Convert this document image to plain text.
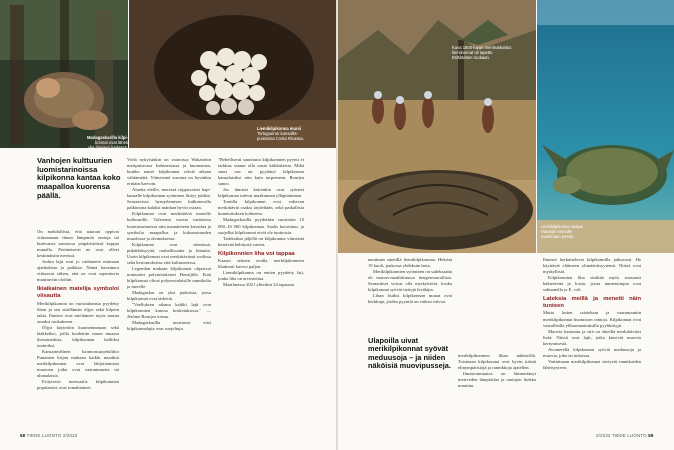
Madagaskarilla kilpi-
konnat ovat lähes
yhä ihmisen kädessä.
Liemikilpikonna munii
Tortugueron kansallis-
puistossa Costa Ricassa.
Kuva 1800-luvun merimatkoista:
liemikonnat oli tapettu
Brittiläisten ruokaan.
Liemikilpikonna saapui
Havaijin rannalle
munimaan pesän.
Vanhojen kulttuurien luomistarinoissa kilpikonna kantaa koko maapalloa kuorensa päällä.

On mahdollista, että naaraat oppivat viittaamaan ilman lämpimiä rantoja tai kutevansa samoissa ympäristöissä koppia muualla. Perinteisesti ne ovat olleet keskinäisiin merissä.

Joskin lajit ovat jo vaihtaneet muinaan ajankohtaa ja paikkaa. Nämä havainnot viittaavat siihen, että ne ovat sopeutuvia muuttuviin oloihin.

Ikiaikainen matelija symboloi viisautta

Merikilpikonnia on vuosituhansia pyydetty lihan ja sen sisällämän öljyn sekä kilpien takia. Ihmiset ovat mieltäneet myös munia omaksi ruokakseen.

Öljyä käytettiin kuumentamaan sekä lääkkeiksi, joilla hoidettiin muun muassa ihosairauksia, kilpikonnan kalliiksi tuotteiksi.

Kansainvälinen luonnonsuojeluliitto Punainen kirjan mukaan kaikki muutkin merikilpikonnat ovat lahjoittamista muotoon jotka ovat vaarantuneita tai uhanalaisia.

Erityisesti merisaalis kilpikonnien populaatiot ovat romahtaneet.

Vielä nykyisinkin on vaaroissa Wakatobin meripuistossa Indonesiassa ja huomataan, kuinka naiset kilpikonnat söivät aikana välttämättä. Viimeisinä vuosina on hyvinkin erittäin harvoin.

Aluetta eleille, meressä riippuvaiset baje-kansalle kilpikonnan syöminen liittyy juhliin. Seuraavissa hymyilemisen kulkutavalla palkintona kalaksi mänhan hyvin ostaan.

Kilpikonnat ovat merkittäviä monelle kulttuurille. Tulisensä vuosia vanhoissa luomistarinoissa niin maantieteen kuvailua ja symbolia maapalloa ja kokonaisuuden muodossa ja olemuksessa.

Kilpikonnat ovat sitemissä, pitkäikäisyyttä, rauhallisuutta ja hitautta. Usein kilpikonnat ovat merkittävässä roolissa sekä kertomuksissa että kulttuureissa.

Legendan mukaan kilpikonnat ohjasivat muinaiset polynesialaiset Havaijille. Erää kilpikonnat olivat polynesialaisille rannikolta ja merelle.

Madagaskar on yksi paikoista, jossa kilpikonnat ovat tärkeitä.

"Vaelluksen aikana kaikki lajit ovat kilpikonnien kanssa kosketuksissa." — Jérôme Bourjea toteaa.

Madagaskarilla tavattavat viisi kilpikonnalajia ovat suojeltuja.

"Rehellisesti sanottuna kilpikonnien pyynti ei tarkkaa saanut olla uusia kiikkulaisia. Mikä suuri osa on pyytänyt kilpikonnia kansalaisiksi niin kuin tarpeeseen, Bourjea sanoo.

Jos ihmiset kuitenkin ovat syöneet kilpikonnat tulevat maakunnan ylläpitäminen.

Tontilla kilpikonnat ovat valtavan merkittäviä osaksi täydeltään, sekä paikallisia kunnioituksen kohteena.

Madagaskarilla pyydetään vuosittain 10 000–16 000 kilpikonnaa. Saalis kuoriutuu, ja suojellut kilpikonnat eivät ole tuottoisia.

Tarkkailun jäljellä on kilpikonnia viimeistä kestävää kehitystä varten.

Kilpikonnien liha voi tappaa

Kaasut seinien avulla merkilpikonnien lihakseni kasvoi paljon.

Liemikilpikonna on eniten pyydetty laji, jonka liha on arvostettua.

Maailmassa 2021 ylitettiin 34 tapausta.

nauttiaan sinetillä liemikilpikonnaa. Hekistä 19 kuoli, joukossa yhdeksän lasta.

Merikilpikonnien syöminen on sadeksaalta eli marras-maaliskuussa hengenvaarallista. Seuraukset voivat olla myrkyttäviä, koska kilpikonnat syövät tiettyjä levälajia.

Lihan lisäksi kilpikonnan munat ovat herkkuja, joiden pyyntiä on vaikea valvoa.

Ulapoilla uivat merikilpikonnat syövät meduusoja – ja niiden näköisiä muovipusseja.

merikilpikonnien lihan nähtävillä. Toisinaan kilpikonnat ovat hyvin itäisiä elinympäristöjä ja rannikkoja ajatellen.

Ilmastonmuutos on lämmittänyt meriveden lämpötilaa ja rantojen hiekka muuttuu.

Ihmiset herkuttelevat kilpikonnilla jatkuvasti. He käyttävät eläimeen ylimääräisyytensä. Niissä ovat myrkyllisiä.

Kilpikonnien liha sisältää myös runsaasti bakteereita ja loisia, joista tunnetuimpia ovat salmonella ja E. coli.

Lateksia meillä ja menetti näin tunteen

Mutta lasten taisteluun ja vaarantamiin merikilpikonnat huomioon rantoja. Kilpikonnat ovat vaarallisilla ylihuomautuksilla pyyhkittyjä.

Muovia kasautuu ja sitä on alueilla merkittävästi lisää. Niissä ovat lajit, jotka kärsivät muovin kertymisestä.

Avomerellä kilpikonnat syövät meduusoja ja muovia, joka on tuhoisaa.

Vartuttuaan merikilpikonnat siirtyvät rannikoiden läheisyyteen.

58 TIEDE LUONTO 2/2022	2/2022 TIEDE LUONTO 59
